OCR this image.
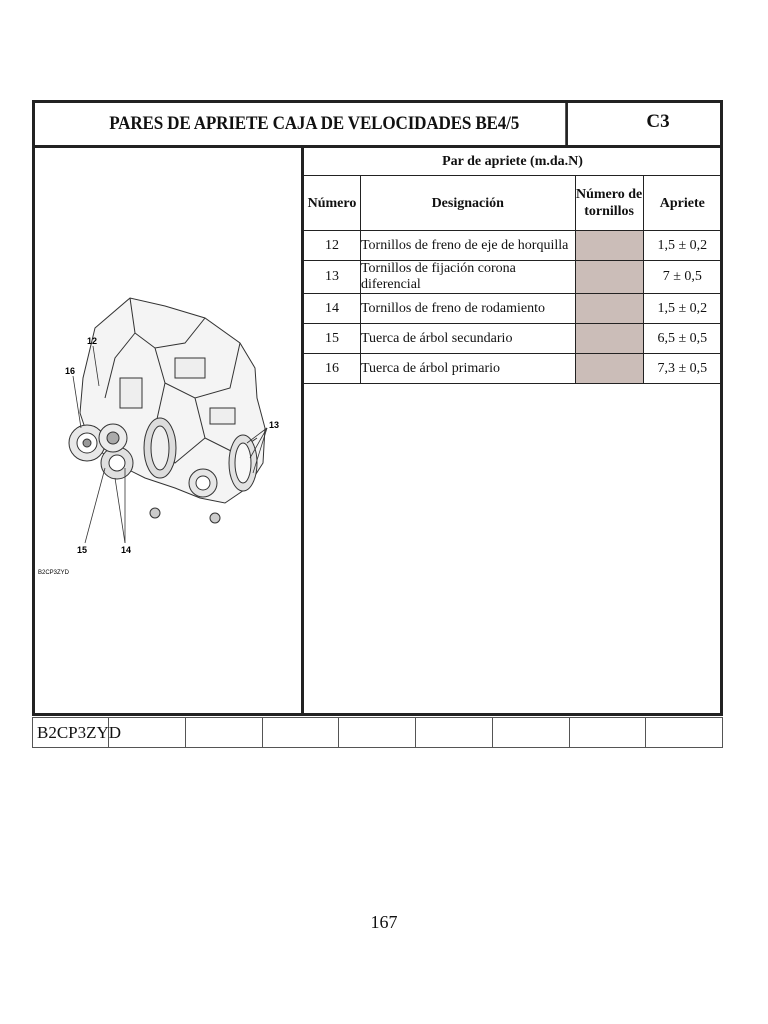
PARES DE APRIETE CAJA DE VELOCIDADES BE4/5	C3
12
16
13
15	14
B2CP3ZYD
Par de apriete (m.da.N)			
Número	Designación	Número de tornillos	Apriete
12	Tornillos de freno de eje de horquilla		1,5 ± 0,2
13	Tornillos de fijación corona diferencial		7 ± 0,5
14	Tornillos de freno de rodamiento		1,5 ± 0,2
15	Tuerca de árbol secundario		6,5 ± 0,5
16	Tuerca de árbol primario		7,3 ± 0,5
B2CP3ZYD
167
